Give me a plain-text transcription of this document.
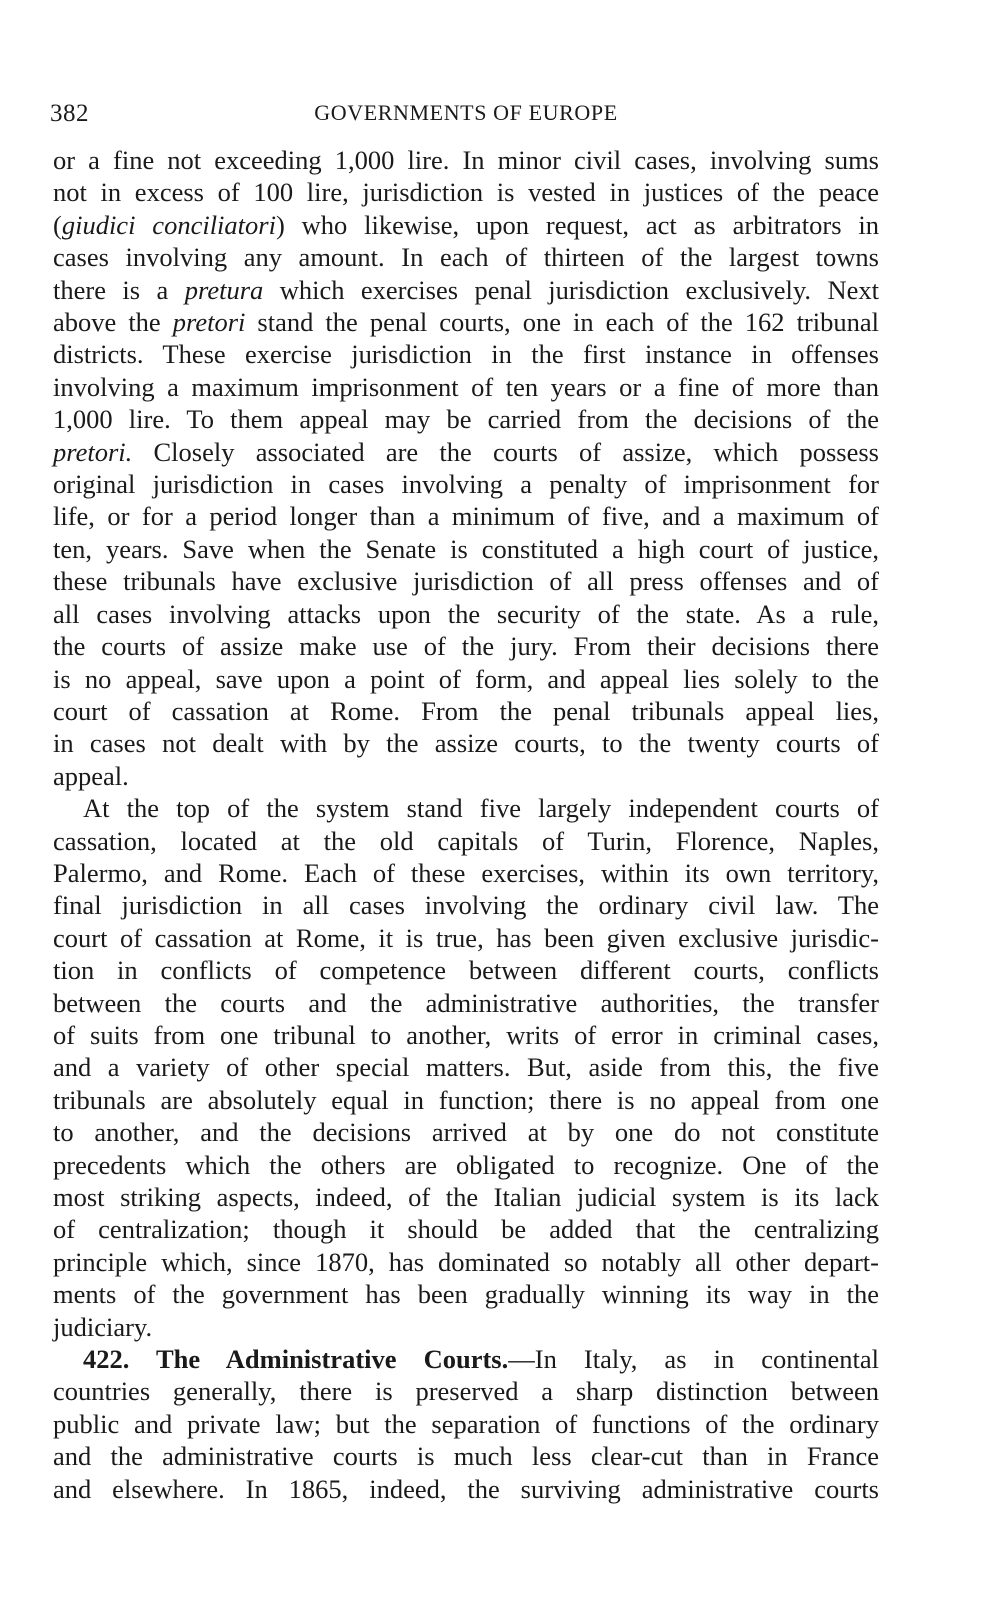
382	GOVERNMENTS OF EUROPE

or a fine not exceeding 1,000 lire. In minor civil cases, involving sums
not in excess of 100 lire, jurisdiction is vested in justices of the peace
(giudici conciliatori) who likewise, upon request, act as arbitrators in
cases involving any amount. In each of thirteen of the largest towns
there is a pretura which exercises penal jurisdiction exclusively. Next
above the pretori stand the penal courts, one in each of the 162 tribunal
districts. These exercise jurisdiction in the first instance in offenses
involving a maximum imprisonment of ten years or a fine of more than
1,000 lire. To them appeal may be carried from the decisions of the
pretori. Closely associated are the courts of assize, which possess
original jurisdiction in cases involving a penalty of imprisonment for
life, or for a period longer than a minimum of five, and a maximum of
ten, years. Save when the Senate is constituted a high court of justice,
these tribunals have exclusive jurisdiction of all press offenses and of
all cases involving attacks upon the security of the state. As a rule,
the courts of assize make use of the jury. From their decisions there
is no appeal, save upon a point of form, and appeal lies solely to the
court of cassation at Rome. From the penal tribunals appeal lies,
in cases not dealt with by the assize courts, to the twenty courts of
appeal.

At the top of the system stand five largely independent courts of
cassation, located at the old capitals of Turin, Florence, Naples,
Palermo, and Rome. Each of these exercises, within its own territory,
final jurisdiction in all cases involving the ordinary civil law. The
court of cassation at Rome, it is true, has been given exclusive jurisdic-
tion in conflicts of competence between different courts, conflicts
between the courts and the administrative authorities, the transfer
of suits from one tribunal to another, writs of error in criminal cases,
and a variety of other special matters. But, aside from this, the five
tribunals are absolutely equal in function; there is no appeal from one
to another, and the decisions arrived at by one do not constitute
precedents which the others are obligated to recognize. One of the
most striking aspects, indeed, of the Italian judicial system is its lack
of centralization; though it should be added that the centralizing
principle which, since 1870, has dominated so notably all other depart-
ments of the government has been gradually winning its way in the
judiciary.

422. The Administrative Courts.—In Italy, as in continental
countries generally, there is preserved a sharp distinction between
public and private law; but the separation of functions of the ordinary
and the administrative courts is much less clear-cut than in France
and elsewhere. In 1865, indeed, the surviving administrative courts
